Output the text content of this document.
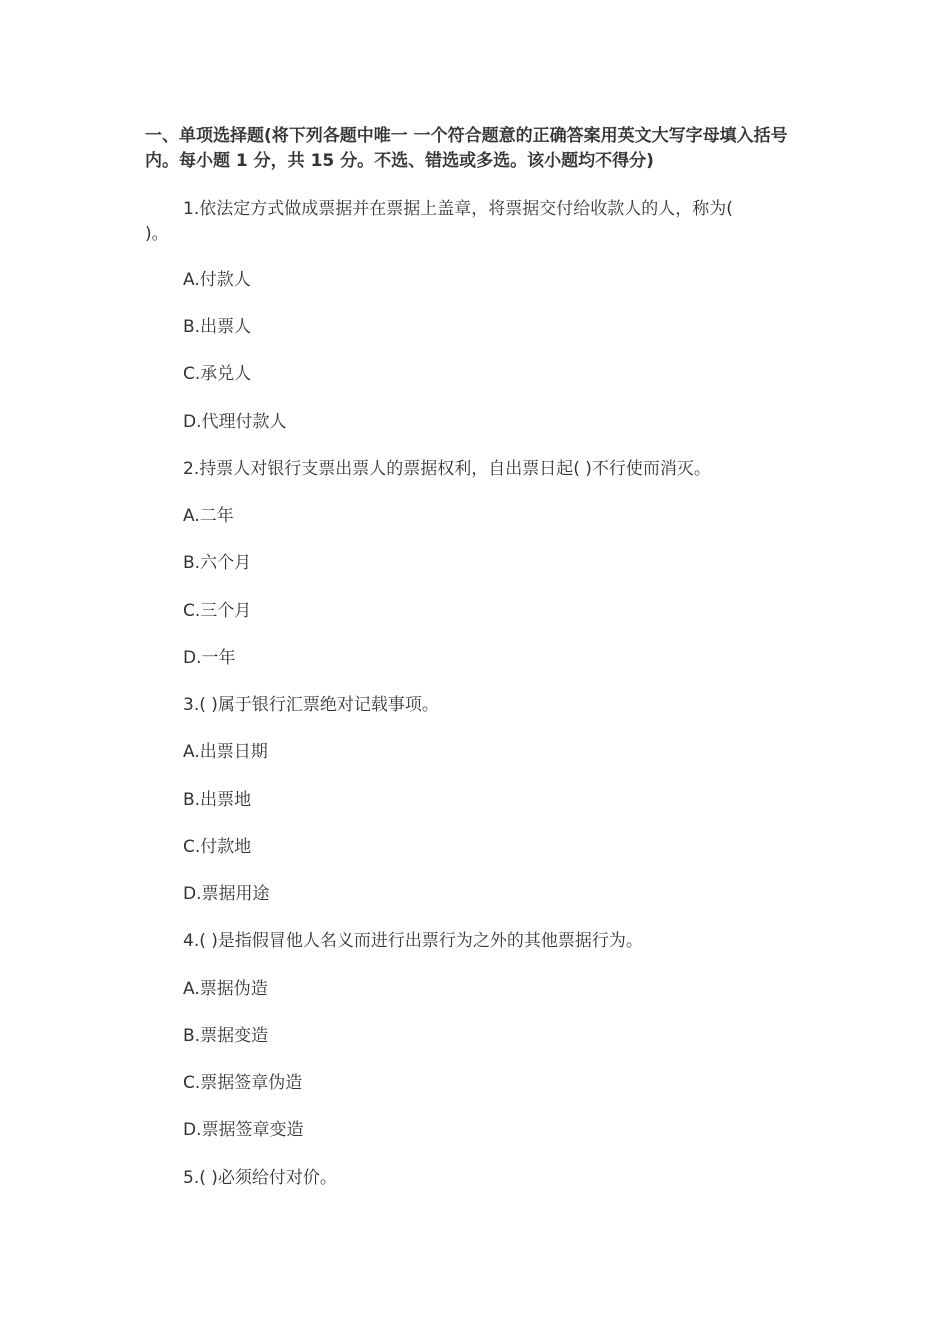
一、单项选择题(将下列各题中唯一 一个符合题意的正确答案用英文大写字母填入括号内。每小题 1 分，共 15 分。不选、错选或多选。该小题均不得分)

1.依法定方式做成票据并在票据上盖章，将票据交付给收款人的人，称为(

)。

A.付款人

B.出票人

C.承兑人

D.代理付款人

2.持票人对银行支票出票人的票据权利，自出票日起( )不行使而消灭。

A.二年

B.六个月

C.三个月

D.一年

3.( )属于银行汇票绝对记载事项。

A.出票日期

B.出票地

C.付款地

D.票据用途

4.( )是指假冒他人名义而进行出票行为之外的其他票据行为。

A.票据伪造

B.票据变造

C.票据签章伪造

D.票据签章变造

5.( )必须给付对价。
